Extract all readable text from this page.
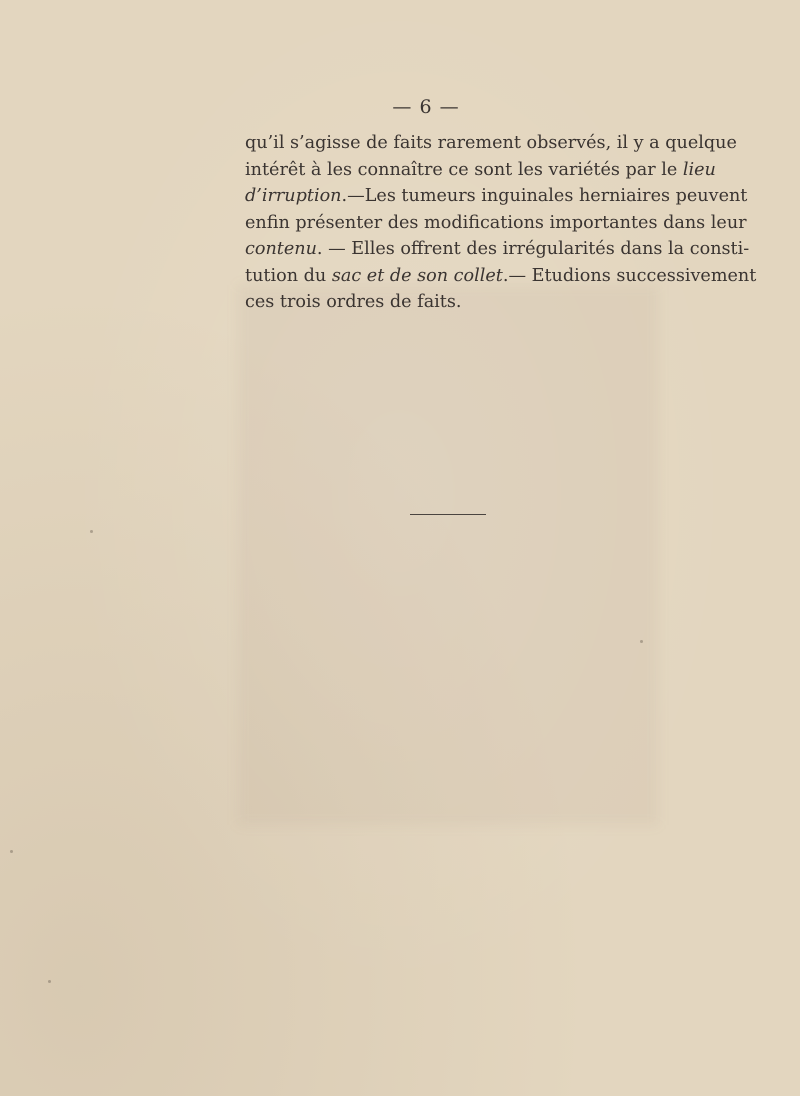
— 6 —
qu’il s’agisse de faits rarement observés, il y a quelque
intérêt à les connaître ce sont les variétés par le lieu
d’irruption.—Les tumeurs inguinales herniaires peuvent
enfin présenter des modifications importantes dans leur
contenu. — Elles offrent des irrégularités dans la consti-
tution du sac et de son collet.— Etudions successivement
ces trois ordres de faits.
